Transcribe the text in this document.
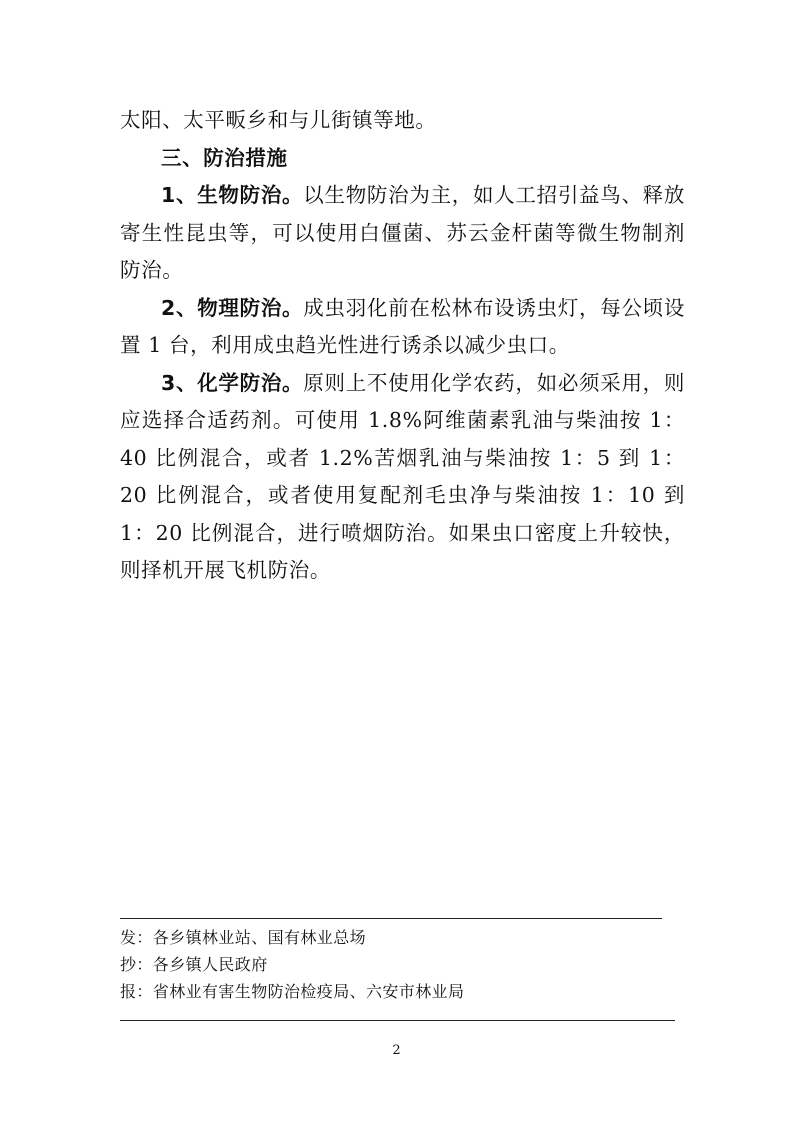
太阳、太平畈乡和与儿街镇等地。

三、防治措施

1、生物防治。以生物防治为主，如人工招引益鸟、释放寄生性昆虫等，可以使用白僵菌、苏云金杆菌等微生物制剂防治。

2、物理防治。成虫羽化前在松林布设诱虫灯，每公顷设置 1 台，利用成虫趋光性进行诱杀以减少虫口。

3、化学防治。原则上不使用化学农药，如必须采用，则应选择合适药剂。可使用 1.8%阿维菌素乳油与柴油按 1：40 比例混合，或者 1.2%苦烟乳油与柴油按 1：5 到 1：20 比例混合，或者使用复配剂毛虫净与柴油按 1：10 到 1：20 比例混合，进行喷烟防治。如果虫口密度上升较快，则择机开展飞机防治。

发：各乡镇林业站、国有林业总场
抄：各乡镇人民政府
报：省林业有害生物防治检疫局、六安市林业局
2
